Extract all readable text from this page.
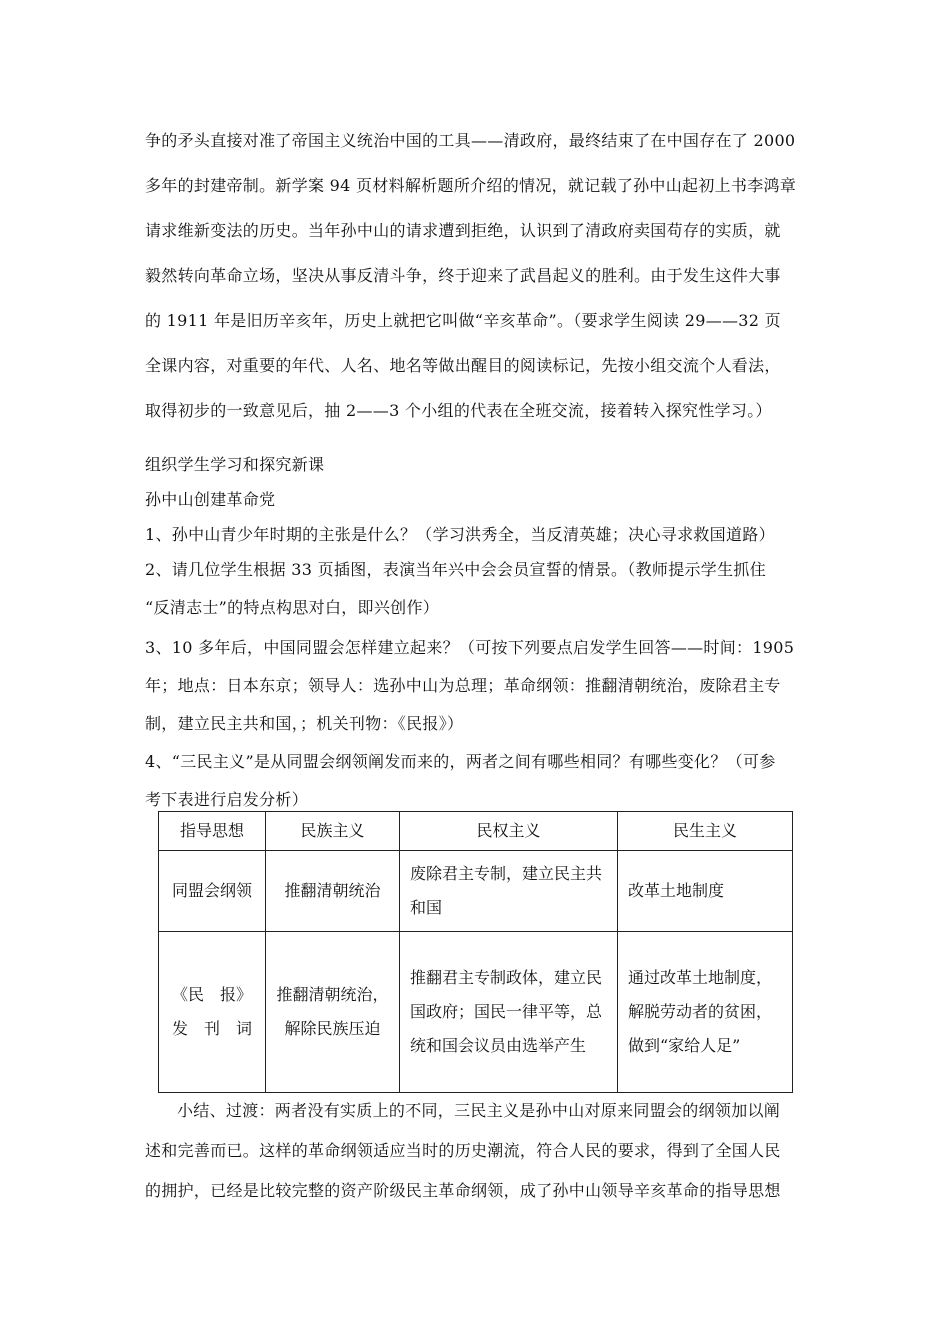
争的矛头直接对准了帝国主义统治中国的工具——清政府，最终结束了在中国存在了 2000
多年的封建帝制。新学案 94 页材料解析题所介绍的情况，就记载了孙中山起初上书李鸿章
请求维新变法的历史。当年孙中山的请求遭到拒绝，认识到了清政府卖国苟存的实质，就
毅然转向革命立场，坚决从事反清斗争，终于迎来了武昌起义的胜利。由于发生这件大事
的 1911 年是旧历辛亥年，历史上就把它叫做“辛亥革命”。（要求学生阅读 29——32 页
全课内容，对重要的年代、人名、地名等做出醒目的阅读标记，先按小组交流个人看法，
取得初步的一致意见后，抽 2——3 个小组的代表在全班交流，接着转入探究性学习。）
组织学生学习和探究新课
孙中山创建革命党
1、孙中山青少年时期的主张是什么？（学习洪秀全，当反清英雄；决心寻求救国道路）
2、请几位学生根据 33 页插图，表演当年兴中会会员宣誓的情景。（教师提示学生抓住
“反清志士”的特点构思对白，即兴创作）
3、10 多年后，中国同盟会怎样建立起来？（可按下列要点启发学生回答——时间：1905
年；地点：日本东京；领导人：选孙中山为总理；革命纲领：推翻清朝统治，废除君主专
制，建立民主共和国，；机关刊物：《民报》）
4、“三民主义”是从同盟会纲领阐发而来的，两者之间有哪些相同？有哪些变化？（可参
考下表进行启发分析）
指导思想	民族主义	民权主义	民生主义
同盟会纲领	推翻清朝统治	废除君主专制，建立民主共和国	改革土地制度

《民　报》
发　刊　词	推翻清朝统治，解除民族压迫	推翻君主专制政体，建立民国政府；国民一律平等，总统和国会议员由选举产生	通过改革土地制度，解脱劳动者的贫困，做到“家给人足”
小结、过渡：两者没有实质上的不同，三民主义是孙中山对原来同盟会的纲领加以阐
述和完善而已。这样的革命纲领适应当时的历史潮流，符合人民的要求，得到了全国人民
的拥护，已经是比较完整的资产阶级民主革命纲领，成了孙中山领导辛亥革命的指导思想
